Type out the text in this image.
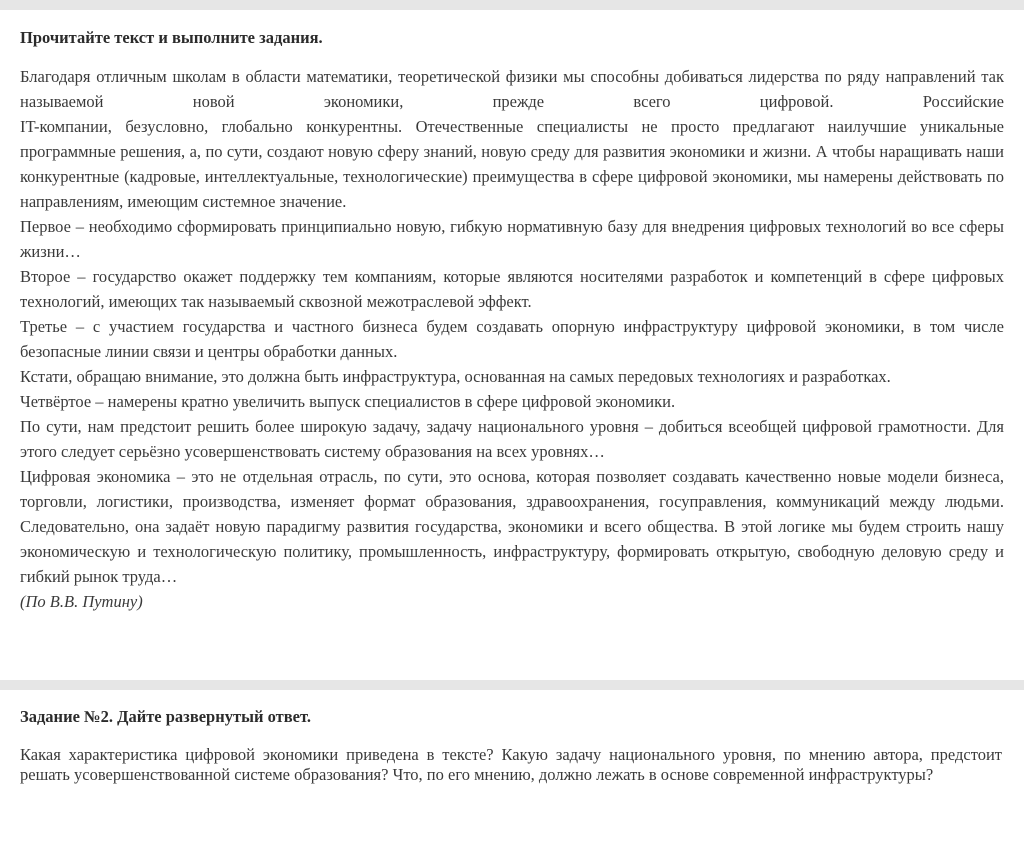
Прочитайте текст и выполните задания.

Благодаря отличным школам в области математики, теоретической физики мы способны добиваться лидерства по ряду направлений так называемой новой экономики, прежде всего цифровой. Российские

IT-компании, безусловно, глобально конкурентны. Отечественные специалисты не просто предлагают наилучшие уникальные программные решения, а, по сути, создают новую сферу знаний, новую среду для развития экономики и жизни. А чтобы наращивать наши конкурентные (кадровые, интеллектуальные, технологические) преимущества в сфере цифровой экономики, мы намерены действовать по направлениям, имеющим системное значение.

Первое – необходимо сформировать принципиально новую, гибкую нормативную базу для внедрения цифровых технологий во все сферы жизни…

Второе – государство окажет поддержку тем компаниям, которые являются носителями разработок и компетенций в сфере цифровых технологий, имеющих так называемый сквозной межотраслевой эффект.

Третье – с участием государства и частного бизнеса будем создавать опорную инфраструктуру цифровой экономики, в том числе безопасные линии связи и центры обработки данных.

Кстати, обращаю внимание, это должна быть инфраструктура, основанная на самых передовых технологиях и разработках.

Четвёртое – намерены кратно увеличить выпуск специалистов в сфере цифровой экономики.

По сути, нам предстоит решить более широкую задачу, задачу национального уровня – добиться всеобщей цифровой грамотности. Для этого следует серьёзно усовершенствовать систему образования на всех уровнях…

Цифровая экономика – это не отдельная отрасль, по сути, это основа, которая позволяет создавать качественно новые модели бизнеса, торговли, логистики, производства, изменяет формат образования, здравоохранения, госуправления, коммуникаций между людьми. Следовательно, она задаёт новую парадигму развития государства, экономики и всего общества. В этой логике мы будем строить нашу экономическую и технологическую политику, промышленность, инфраструктуру, формировать открытую, свободную деловую среду и гибкий рынок труда…

(По В.В. Путину)

Задание №2. Дайте развернутый ответ.

Какая характеристика цифровой экономики приведена в тексте? Какую задачу национального уровня, по мнению автора, предстоит решать усовершенствованной системе образования? Что, по его мнению, должно лежать в основе современной инфраструктуры?
